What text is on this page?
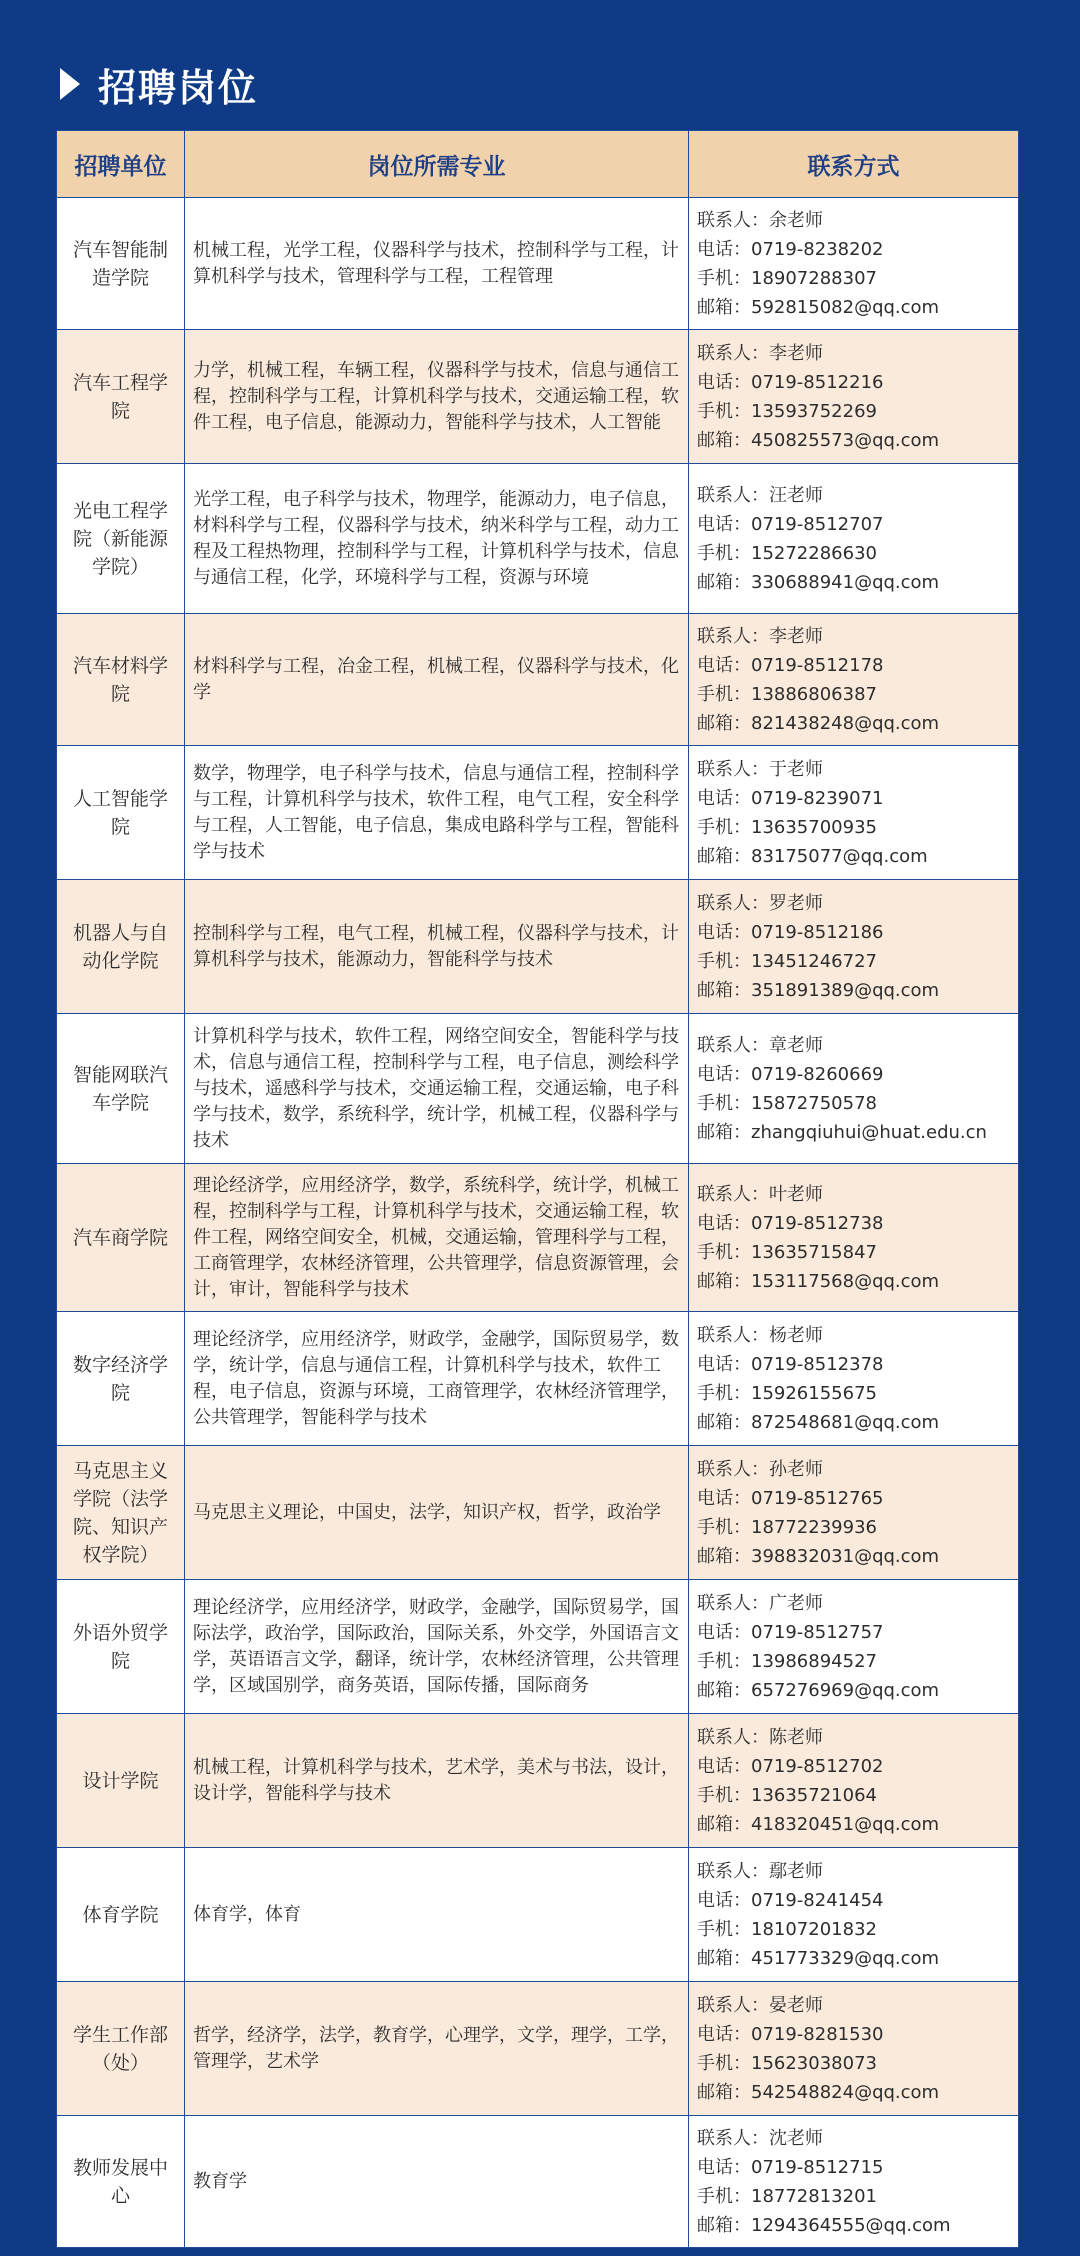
招聘岗位
招聘单位	岗位所需专业	联系方式
汽车智能制造学院	机械工程，光学工程，仪器科学与技术，控制科学与工程，计算机科学与技术，管理科学与工程，工程管理	联系人：余老师
电话：0719-8238202
手机：18907288307
邮箱：592815082@qq.com

汽车工程学院	力学，机械工程，车辆工程，仪器科学与技术，信息与通信工程，控制科学与工程，计算机科学与技术，交通运输工程，软件工程，电子信息，能源动力，智能科学与技术，人工智能	联系人：李老师
电话：0719-8512216
手机：13593752269
邮箱：450825573@qq.com

光电工程学院（新能源学院）	光学工程，电子科学与技术，物理学，能源动力，电子信息，材料科学与工程，仪器科学与技术，纳米科学与工程，动力工程及工程热物理，控制科学与工程，计算机科学与技术，信息与通信工程，化学，环境科学与工程，资源与环境	联系人：汪老师
电话：0719-8512707
手机：15272286630
邮箱：330688941@qq.com

汽车材料学院	材料科学与工程，冶金工程，机械工程，仪器科学与技术，化学	联系人：李老师
电话：0719-8512178
手机：13886806387
邮箱：821438248@qq.com

人工智能学院	数学，物理学，电子科学与技术，信息与通信工程，控制科学与工程，计算机科学与技术，软件工程，电气工程，安全科学与工程，人工智能，电子信息，集成电路科学与工程，智能科学与技术	联系人：于老师
电话：0719-8239071
手机：13635700935
邮箱：83175077@qq.com

机器人与自动化学院	控制科学与工程，电气工程，机械工程，仪器科学与技术，计算机科学与技术，能源动力，智能科学与技术	联系人：罗老师
电话：0719-8512186
手机：13451246727
邮箱：351891389@qq.com

智能网联汽车学院	计算机科学与技术，软件工程，网络空间安全，智能科学与技术，信息与通信工程，控制科学与工程，电子信息，测绘科学与技术，遥感科学与技术，交通运输工程，交通运输，电子科学与技术，数学，系统科学，统计学，机械工程，仪器科学与技术	联系人：章老师
电话：0719-8260669
手机：15872750578
邮箱：zhangqiuhui@huat.edu.cn

汽车商学院	理论经济学，应用经济学，数学，系统科学，统计学，机械工程，控制科学与工程，计算机科学与技术，交通运输工程，软件工程，网络空间安全，机械，交通运输，管理科学与工程，工商管理学，农林经济管理，公共管理学，信息资源管理，会计，审计，智能科学与技术	联系人：叶老师
电话：0719-8512738
手机：13635715847
邮箱：153117568@qq.com

数字经济学院	理论经济学，应用经济学，财政学，金融学，国际贸易学，数学，统计学，信息与通信工程，计算机科学与技术，软件工程，电子信息，资源与环境，工商管理学，农林经济管理学，公共管理学，智能科学与技术	联系人：杨老师
电话：0719-8512378
手机：15926155675
邮箱：872548681@qq.com

马克思主义学院（法学院、知识产权学院）	马克思主义理论，中国史，法学，知识产权，哲学，政治学	联系人：孙老师
电话：0719-8512765
手机：18772239936
邮箱：398832031@qq.com

外语外贸学院	理论经济学，应用经济学，财政学，金融学，国际贸易学，国际法学，政治学，国际政治，国际关系，外交学，外国语言文学，英语语言文学，翻译，统计学，农林经济管理，公共管理学，区域国别学，商务英语，国际传播，国际商务	联系人：广老师
电话：0719-8512757
手机：13986894527
邮箱：657276969@qq.com

设计学院	机械工程，计算机科学与技术，艺术学，美术与书法，设计，设计学，智能科学与技术	联系人：陈老师
电话：0719-8512702
手机：13635721064
邮箱：418320451@qq.com

体育学院	体育学，体育	联系人：鄢老师
电话：0719-8241454
手机：18107201832
邮箱：451773329@qq.com

学生工作部（处）	哲学，经济学，法学，教育学，心理学，文学，理学，工学，管理学，艺术学	联系人：晏老师
电话：0719-8281530
手机：15623038073
邮箱：542548824@qq.com

教师发展中心	教育学	联系人：沈老师
电话：0719-8512715
手机：18772813201
邮箱：1294364555@qq.com
